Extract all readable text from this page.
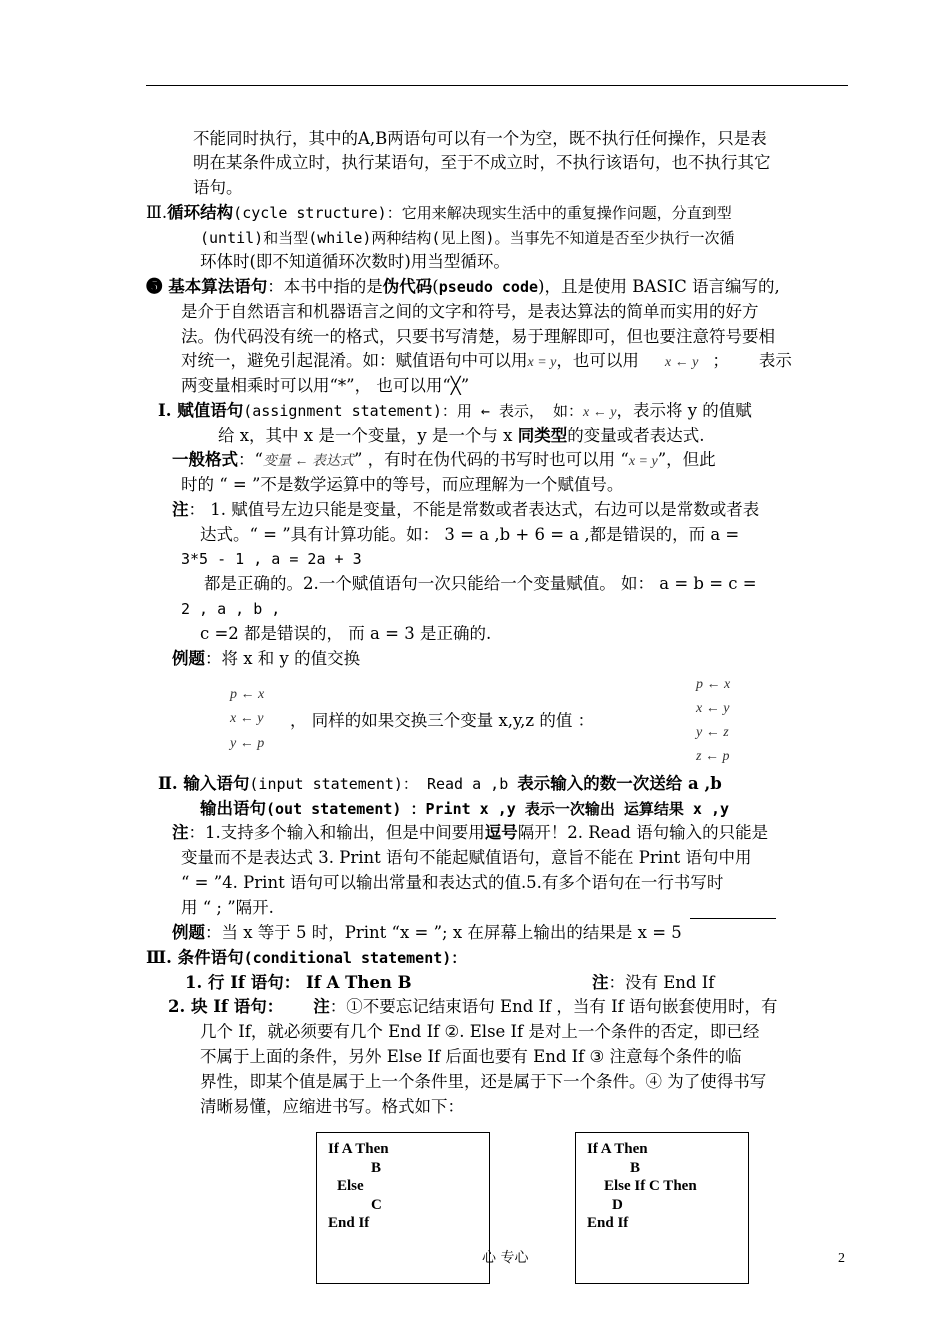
不能同时执行，其中的A,B两语句可以有一个为空，既不执行任何操作，只是表
明在某条件成立时，执行某语句，至于不成立时，不执行该语句，也不执行其它
语句。
Ⅲ.循环结构(cycle structure)：它用来解决现实生活中的重复操作问题，分直到型
(until)和当型(while)两种结构(见上图)。当事先不知道是否至少执行一次循
环体时(即不知道循环次数时)用当型循环。
❺ 基本算法语句：本书中指的是伪代码(pseudo code)，且是使用 BASIC 语言编写的,
是介于自然语言和机器语言之间的文字和符号，是表达算法的简单而实用的好方
法。伪代码没有统一的格式，只要书写清楚，易于理解即可，但也要注意符号要相
对统一，避免引起混淆。如：赋值语句中可以用x = y，也可以用 x ← y ； 表示
两变量相乘时可以用“*”， 也可以用“╳”
Ⅰ. 赋值语句(assignment statement)：用 ← 表示， 如：x ← y，表示将 y 的值赋
给 x，其中 x 是一个变量，y 是一个与 x 同类型的变量或者表达式.
一般格式：“变量 ← 表达式” ，有时在伪代码的书写时也可以用 “x = y”，但此
时的 “ = ”不是数学运算中的等号，而应理解为一个赋值号。
注： 1. 赋值号左边只能是变量，不能是常数或者表达式，右边可以是常数或者表
达式。“ = ”具有计算功能。如： 3 = a ,b + 6 = a ,都是错误的，而 a =
3*5 - 1 , a = 2a + 3
都是正确的。2.一个赋值语句一次只能给一个变量赋值。 如： a = b = c =
2 , a , b ,
c =2 都是错误的， 而 a = 3 是正确的.
例题：将 x 和 y 的值交换
p ← x
x ← y
y ← p
， 同样的如果交换三个变量 x,y,z 的值 ：
p ← x
x ← y
y ← z
z ← p
Ⅱ. 输入语句(input statement)： Read a ,b 表示输入的数一次送给 a ,b
输出语句(out statement) ：Print x ,y 表示一次输出 运算结果 x ,y
注：1.支持多个输入和输出，但是中间要用逗号隔开！2. Read 语句输入的只能是
变量而不是表达式 3. Print 语句不能起赋值语句，意旨不能在 Print 语句中用
“ = ”4. Print 语句可以输出常量和表达式的值.5.有多个语句在一行书写时
用 “ ; ”隔开.
例题：当 x 等于 5 时，Print “x = ”; x 在屏幕上输出的结果是 x = 5
Ⅲ. 条件语句(conditional statement)：
1. 行 If 语句： If A Then B	注：没有 End If
2. 块 If 语句： 注：①不要忘记结束语句 End If ，当有 If 语句嵌套使用时，有
几个 If，就必须要有几个 End If ②. Else If 是对上一个条件的否定，即已经
不属于上面的条件，另外 Else If 后面也要有 End If ③ 注意每个条件的临
界性，即某个值是属于上一个条件里，还是属于下一个条件。④ 为了使得书写
清晰易懂，应缩进书写。格式如下：
If A Then
B
Else
C
End If
If A Then
B
Else If C Then
D
End If
心 专心	2
